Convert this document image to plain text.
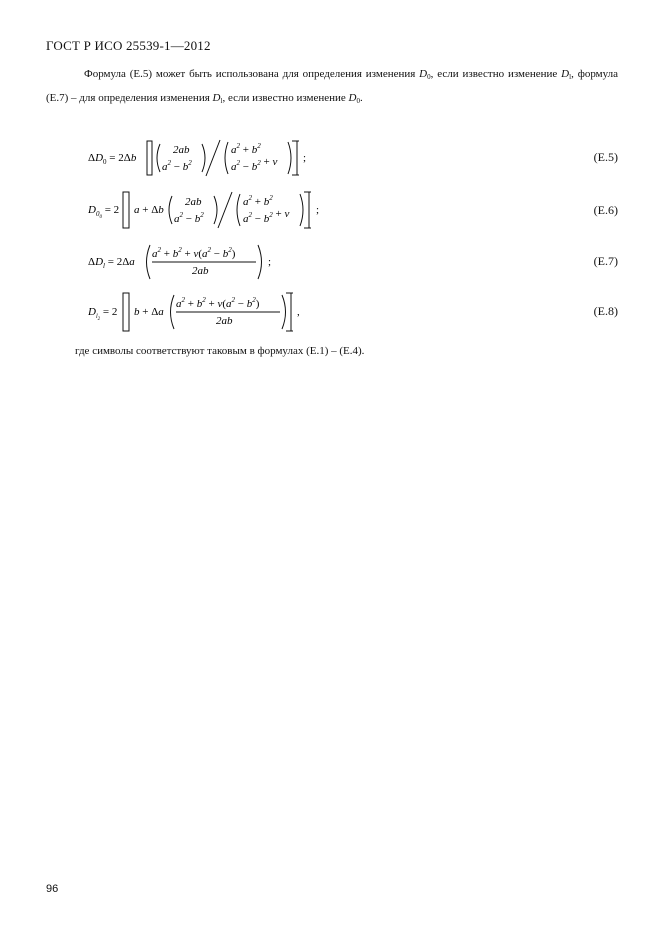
ГОСТ Р ИСО 25539-1—2012
Формула (Е.5) может быть использована для определения изменения $D_0$, если известно изменение $D_l$, формула (Е.7) – для определения изменения $D_l$, если известно изменение $D_0$.
$\Delta D_0 = 2\Delta b$
2ab
$a^2 - b^2$
$a^2 + b^2$
$a^2 - b^2 + \nu$ ;
$D_00 = 2$ a + Δb
2ab
$a^2 - b^2$
$a^2 + b^2$
$a^2 - b^2 + \nu$ ;
$\Delta D_l = 2\Delta a$
$a^2 + b^2 + \nu(a^2 - b^2)$
2ab
;
$D_l2 = 2$ b + Δa
$a^2 + b^2 + \nu(a^2 - b^2)$
2ab
,
(Е.5)
(Е.6)
(Е.7)
(Е.8)
где символы соответствуют таковым в формулах (Е.1) – (Е.4).
96
